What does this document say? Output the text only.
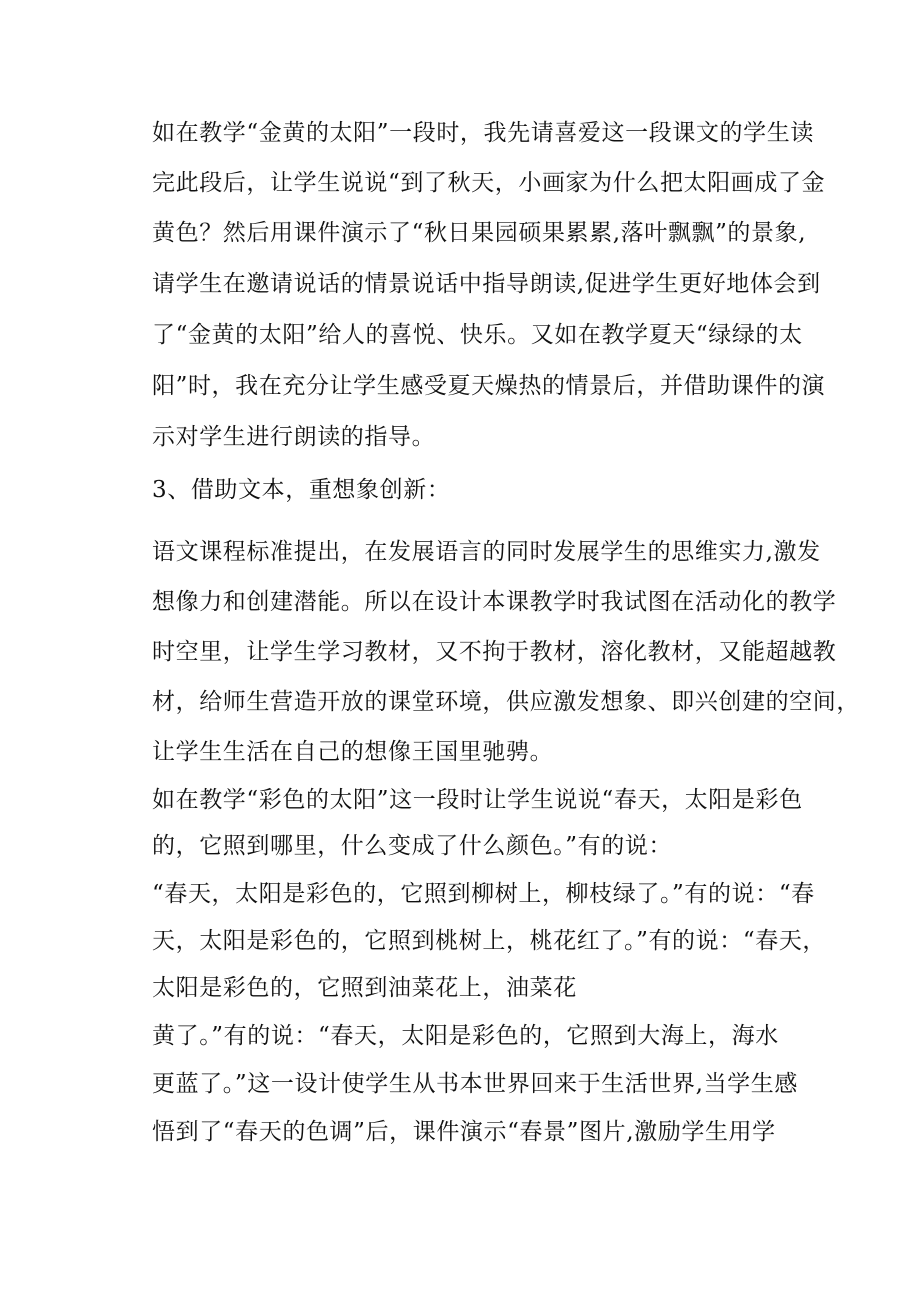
如在教学“金黄的太阳”一段时，我先请喜爱这一段课文的学生读
完此段后，让学生说说“到了秋天，小画家为什么把太阳画成了金
黄色？然后用课件演示了“秋日果园硕果累累,落叶飘飘”的景象,
请学生在邀请说话的情景说话中指导朗读,促进学生更好地体会到
了“金黄的太阳”给人的喜悦、快乐。又如在教学夏天“绿绿的太
阳”时，我在充分让学生感受夏天燥热的情景后，并借助课件的演
示对学生进行朗读的指导。
3、借助文本，重想象创新：
语文课程标准提出，在发展语言的同时发展学生的思维实力,激发
想像力和创建潜能。所以在设计本课教学时我试图在活动化的教学
时空里，让学生学习教材，又不拘于教材，溶化教材，又能超越教
材，给师生营造开放的课堂环境，供应激发想象、即兴创建的空间，
让学生生活在自己的想像王国里驰骋。
如在教学“彩色的太阳”这一段时让学生说说“春天，太阳是彩色
的，它照到哪里，什么变成了什么颜色。”有的说：
“春天，太阳是彩色的，它照到柳树上，柳枝绿了。”有的说：“春
天，太阳是彩色的，它照到桃树上，桃花红了。”有的说：“春天，
太阳是彩色的，它照到油菜花上，油菜花
黄了。”有的说：“春天，太阳是彩色的，它照到大海上，海水
更蓝了。”这一设计使学生从书本世界回来于生活世界,当学生感
悟到了“春天的色调”后，课件演示“春景”图片,激励学生用学
